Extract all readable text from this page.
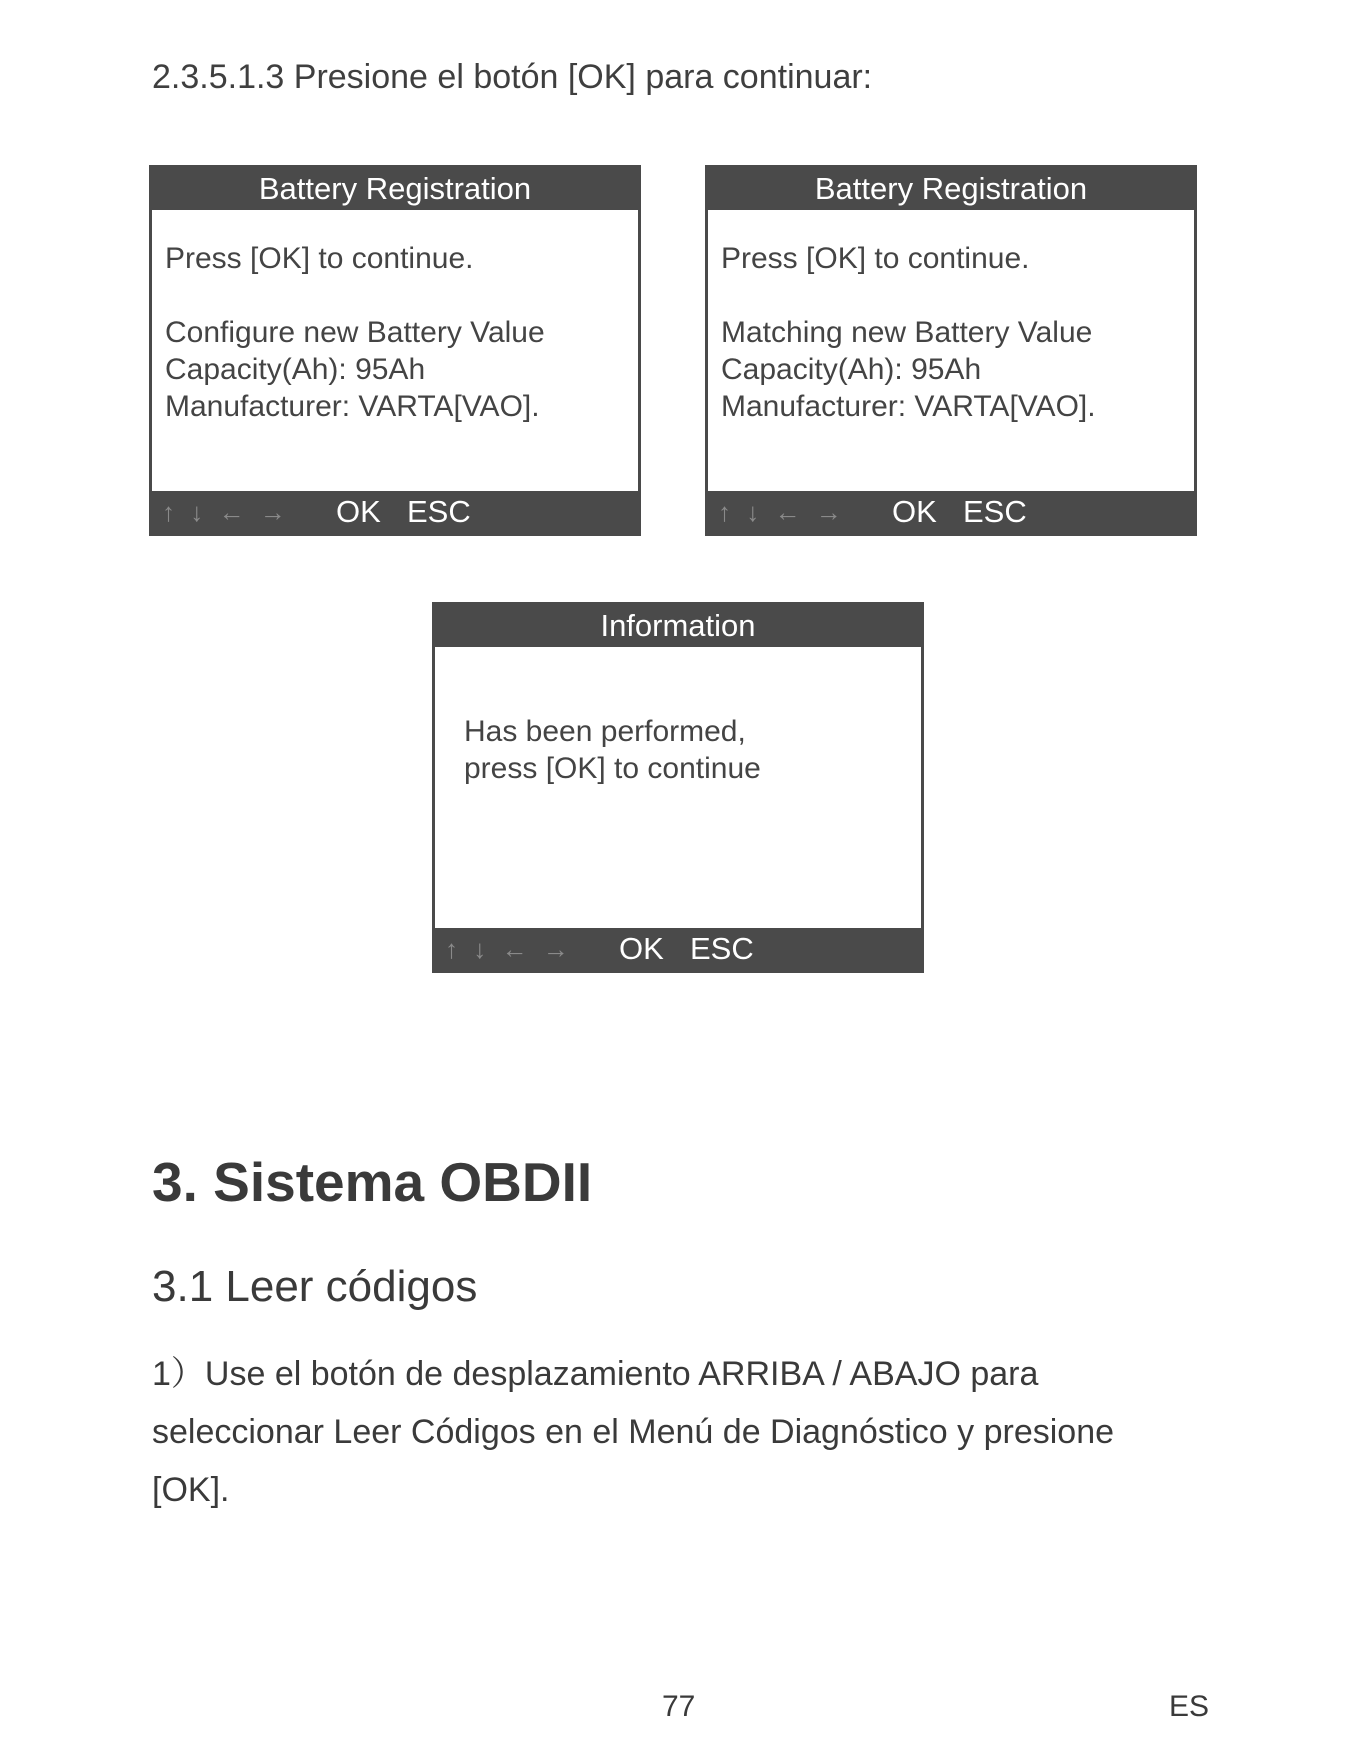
2.3.5.1.3 Presione el botón [OK] para continuar:
Battery Registration
Press [OK] to continue.
Configure new Battery Value
Capacity(Ah): 95Ah
Manufacturer: VARTA[VAO].
↑ ↓ ← → OK ESC
Battery Registration
Press [OK] to continue.
Matching new Battery Value
Capacity(Ah): 95Ah
Manufacturer: VARTA[VAO].
↑ ↓ ← → OK ESC
Information
Has been performed,
press [OK] to continue
↑ ↓ ← → OK ESC
3. Sistema OBDII
3.1 Leer códigos
1）Use el botón de desplazamiento ARRIBA / ABAJO para
seleccionar Leer Códigos en el Menú de Diagnóstico y presione
[OK].
77	ES
